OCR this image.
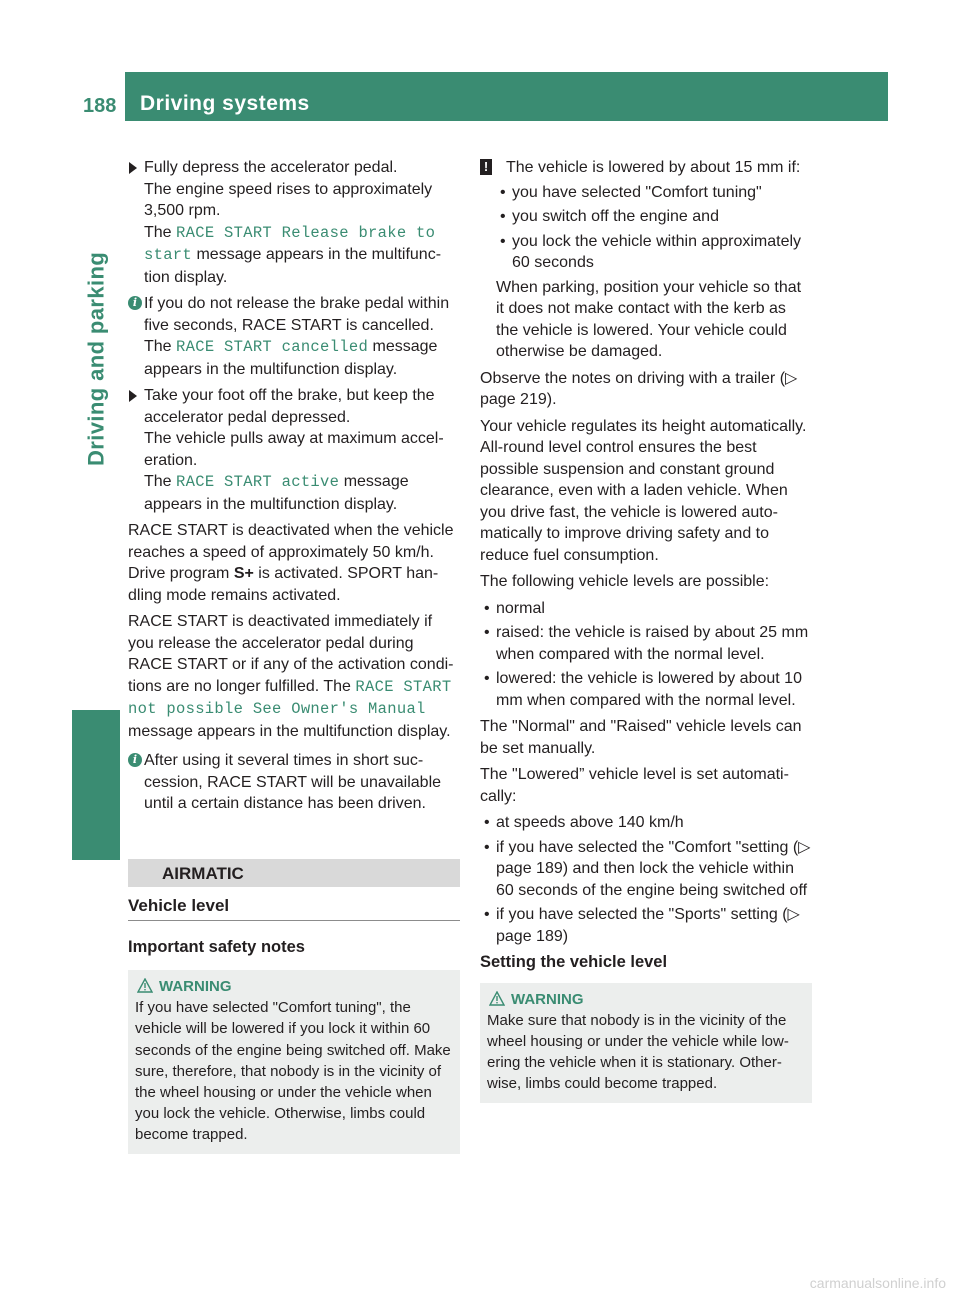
188 Driving systems
Driving and parking

Fully depress the accelerator pedal.

The engine speed rises to approximately 3,500 rpm.

The RACE START Release brake to start message appears in the multifunction display.

i If you do not release the brake pedal within five seconds, RACE START is cancelled. The RACE START cancelled message appears in the multifunction display.

Take your foot off the brake, but keep the accelerator pedal depressed.

The vehicle pulls away at maximum acceleration.

The RACE START active message appears in the multifunction display.

RACE START is deactivated when the vehicle reaches a speed of approximately 50 km/h. Drive program S+ is activated. SPORT handling mode remains activated.

RACE START is deactivated immediately if you release the accelerator pedal during RACE START or if any of the activation conditions are no longer fulfilled. The RACE START not possible See Owner's Manual message appears in the multifunction display.

i After using it several times in short succession, RACE START will be unavailable until a certain distance has been driven.

AIRMATIC
Vehicle level
Important safety notes
WARNING

If you have selected "Comfort tuning", the vehicle will be lowered if you lock it within 60 seconds of the engine being switched off. Make sure, therefore, that nobody is in the vicinity of the wheel housing or under the vehicle when you lock the vehicle. Otherwise, limbs could become trapped.

! The vehicle is lowered by about 15 mm if:

• you have selected "Comfort tuning"
• you switch off the engine and
• you lock the vehicle within approximately 60 seconds

When parking, position your vehicle so that it does not make contact with the kerb as the vehicle is lowered. Your vehicle could otherwise be damaged.

Observe the notes on driving with a trailer (▷ page 219).

Your vehicle regulates its height automatically. All-round level control ensures the best possible suspension and constant ground clearance, even with a laden vehicle. When you drive fast, the vehicle is lowered automatically to improve driving safety and to reduce fuel consumption.

The following vehicle levels are possible:

• normal
• raised: the vehicle is raised by about 25 mm when compared with the normal level.
• lowered: the vehicle is lowered by about 10 mm when compared with the normal level.

The "Normal" and "Raised" vehicle levels can be set manually.

The "Lowered” vehicle level is set automatically:

• at speeds above 140 km/h
• if you have selected the "Comfort "setting (▷ page 189) and then lock the vehicle within 60 seconds of the engine being switched off
• if you have selected the "Sports" setting (▷ page 189)
Setting the vehicle level
WARNING

Make sure that nobody is in the vicinity of the wheel housing or under the vehicle while lowering the vehicle when it is stationary. Otherwise, limbs could become trapped.

carmanualsonline.info
